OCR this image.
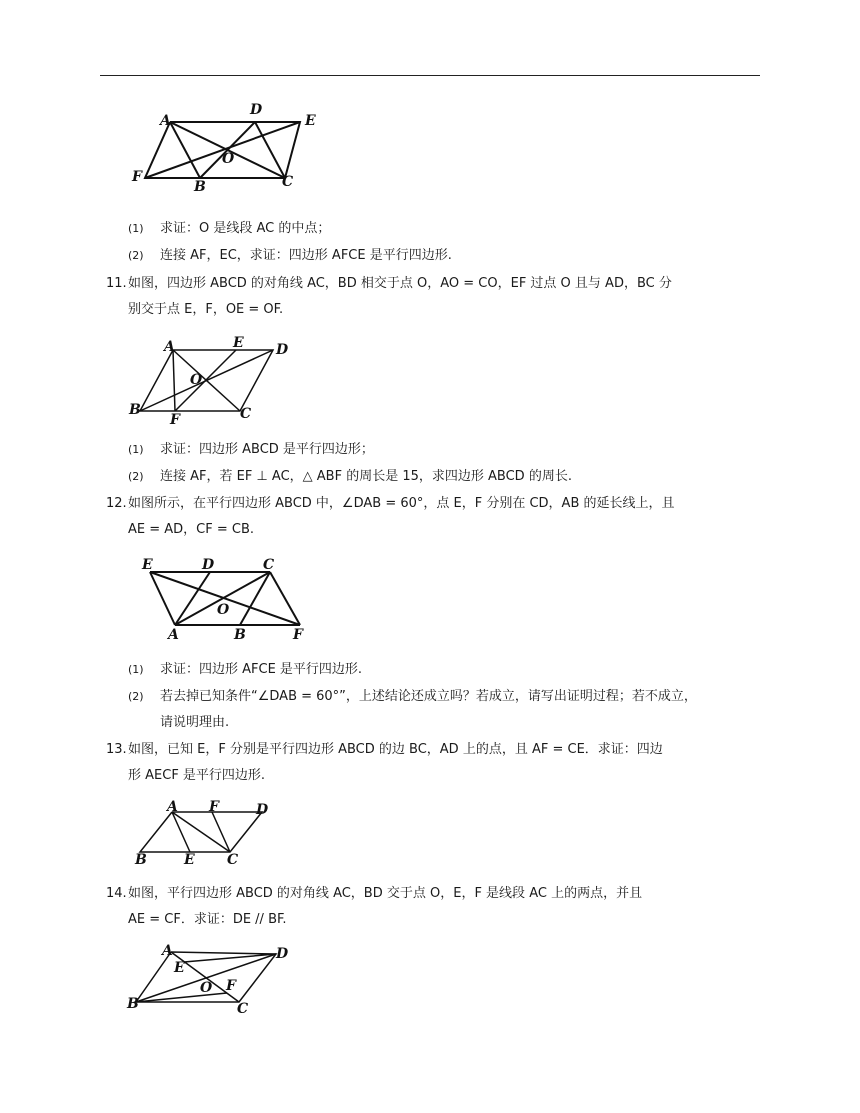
A
D
E
F
B	C
O
(1) 求证：O 是线段 AC 的中点；
(2) 连接 AF，EC，求证：四边形 AFCE 是平行四边形.
11.如图，四边形 ABCD 的对角线 AC，BD 相交于点 O，AO = CO，EF 过点 O 且与 AD，BC 分
别交于点 E，F，OE = OF.
A	E D
O
B
F	C
(1) 求证：四边形 ABCD 是平行四边形；
(2) 连接 AF，若 EF ⊥ AC，△ ABF 的周长是 15，求四边形 ABCD 的周长.
12.如图所示，在平行四边形 ABCD 中，∠DAB = 60°，点 E，F 分别在 CD，AB 的延长线上，且
AE = AD，CF = CB.
E	D	C
O
A	B	F
(1) 求证：四边形 AFCE 是平行四边形.
(2) 若去掉已知条件“∠DAB = 60°”，上述结论还成立吗？若成立，请写出证明过程；若不成立，
请说明理由.
13.如图，已知 E，F 分别是平行四边形 ABCD 的边 BC，AD 上的点，且 AF = CE．求证：四边
形 AECF 是平行四边形.
A F	D
B	E C
14.如图，平行四边形 ABCD 的对角线 AC，BD 交于点 O，E，F 是线段 AC 上的两点，并且
AE = CF．求证：DE // BF.
A	D
E
O F
B	C
